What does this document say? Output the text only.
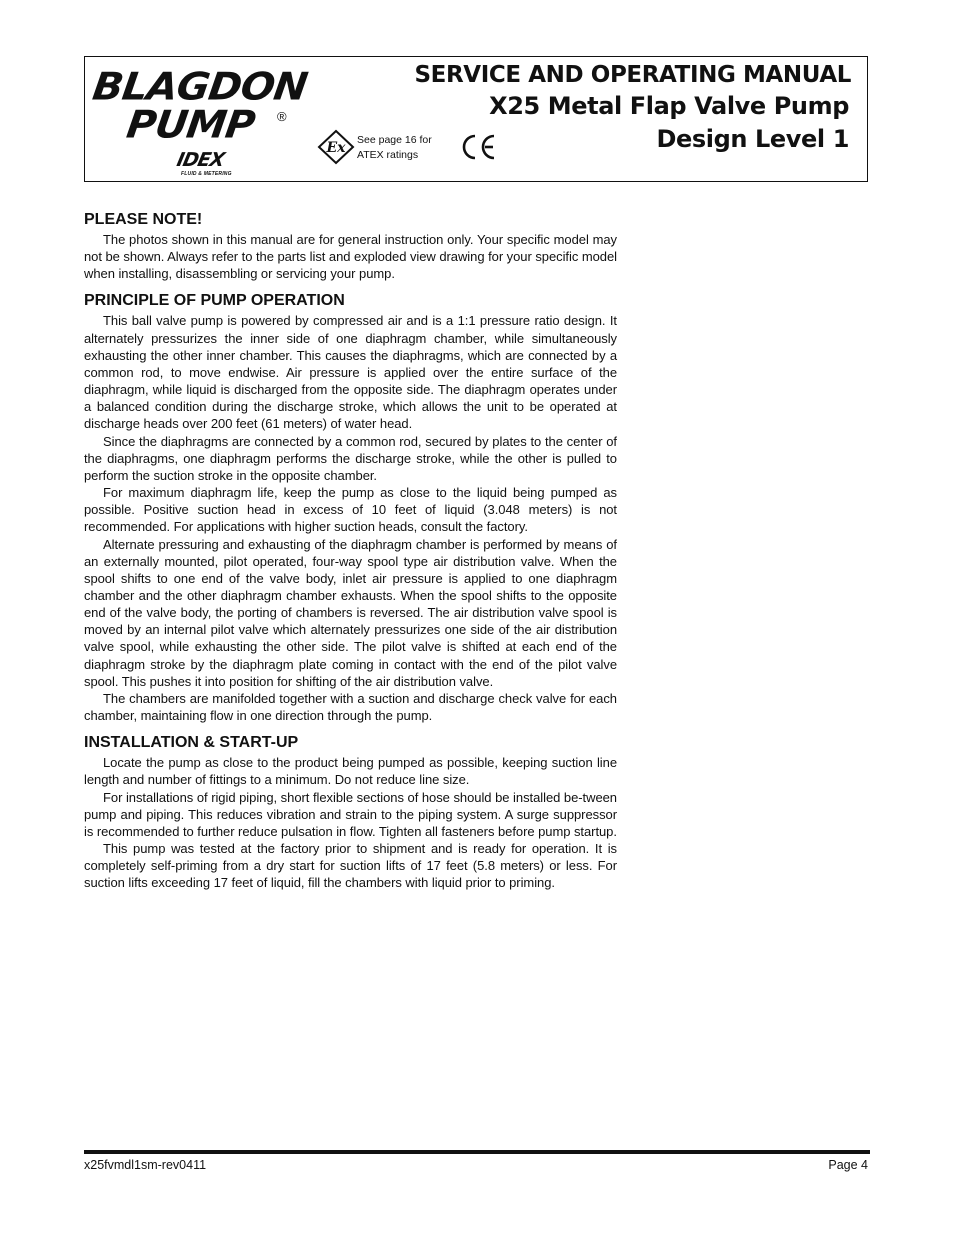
BLAGDON
PUMP ®
IDEX
FLUID & METERING
Ex See page 16 for
ATEX ratings
SERVICE AND OPERATING MANUAL
X25 Metal Flap Valve Pump
Design Level 1
PLEASE NOTE!

The photos shown in this manual are for general instruction only. Your specific model may not be shown. Always refer to the parts list and exploded view drawing for your specific model when installing, disassembling or servicing your pump.

PRINCIPLE OF PUMP OPERATION

This ball valve pump is powered by compressed air and is a 1:1 pressure ratio design. It alternately pressurizes the inner side of one diaphragm chamber, while simultaneously exhausting the other inner chamber. This causes the diaphragms, which are connected by a common rod, to move endwise. Air pressure is applied over the entire surface of the diaphragm, while liquid is discharged from the opposite side. The diaphragm operates under a balanced condition during the discharge stroke, which allows the unit to be operated at discharge heads over 200 feet (61 meters) of water head.

Since the diaphragms are connected by a common rod, secured by plates to the center of the diaphragms, one diaphragm performs the discharge stroke, while the other is pulled to perform the suction stroke in the opposite chamber.

For maximum diaphragm life, keep the pump as close to the liquid being pumped as possible. Positive suction head in excess of 10 feet of liquid (3.048 meters) is not recommended. For applications with higher suction heads, consult the factory.

Alternate pressuring and exhausting of the diaphragm chamber is performed by means of an externally mounted, pilot operated, four-way spool type air distribution valve. When the spool shifts to one end of the valve body, inlet air pressure is applied to one diaphragm chamber and the other diaphragm chamber exhausts. When the spool shifts to the opposite end of the valve body, the porting of chambers is reversed. The air distribution valve spool is moved by an internal pilot valve which alternately pressurizes one side of the air distribution valve spool, while exhausting the other side. The pilot valve is shifted at each end of the diaphragm stroke by the diaphragm plate coming in contact with the end of the pilot valve spool. This pushes it into position for shifting of the air distribution valve.

The chambers are manifolded together with a suction and discharge check valve for each chamber, maintaining flow in one direction through the pump.

INSTALLATION & START-UP

Locate the pump as close to the product being pumped as possible, keeping suction line length and number of fittings to a minimum. Do not reduce line size.

For installations of rigid piping, short flexible sections of hose should be installed be-tween pump and piping. This reduces vibration and strain to the piping system. A surge suppressor is recommended to further reduce pulsation in flow. Tighten all fasteners before pump startup.

This pump was tested at the factory prior to shipment and is ready for operation. It is completely self-priming from a dry start for suction lifts of 17 feet (5.8 meters) or less. For suction lifts exceeding 17 feet of liquid, fill the chambers with liquid prior to priming.

x25fvmdl1sm-rev0411	Page 4
